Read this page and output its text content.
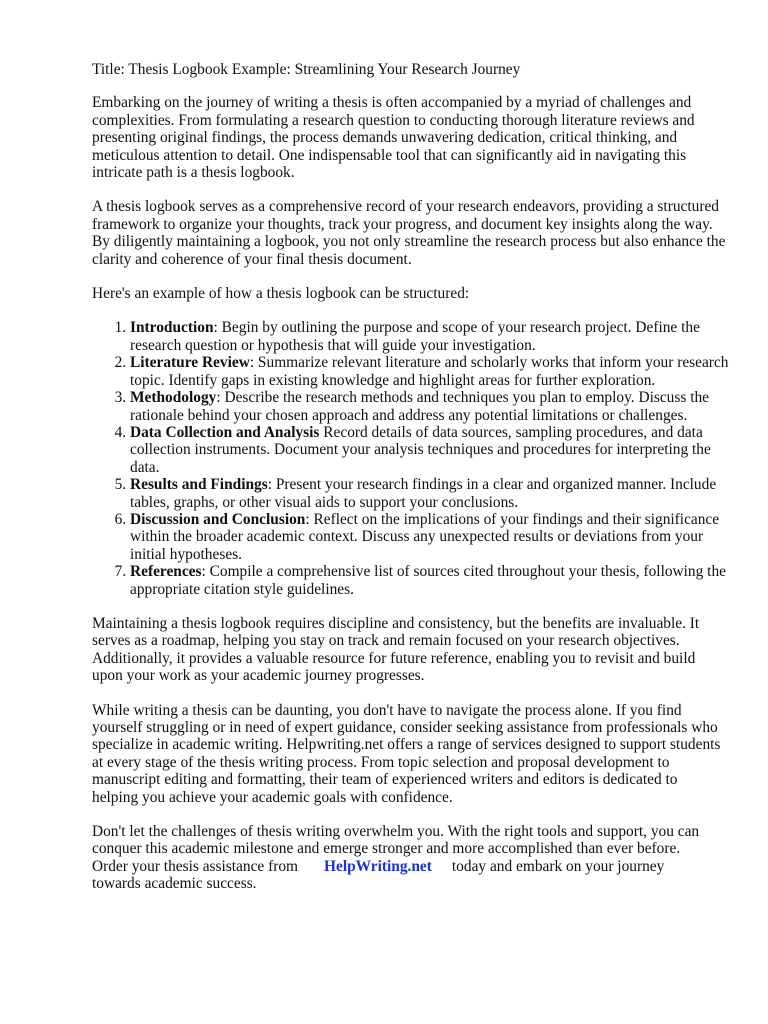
Title: Thesis Logbook Example: Streamlining Your Research Journey

Embarking on the journey of writing a thesis is often accompanied by a myriad of challenges and complexities. From formulating a research question to conducting thorough literature reviews and presenting original findings, the process demands unwavering dedication, critical thinking, and meticulous attention to detail. One indispensable tool that can significantly aid in navigating this intricate path is a thesis logbook.

A thesis logbook serves as a comprehensive record of your research endeavors, providing a structured framework to organize your thoughts, track your progress, and document key insights along the way. By diligently maintaining a logbook, you not only streamline the research process but also enhance the clarity and coherence of your final thesis document.

Here's an example of how a thesis logbook can be structured:

1. Introduction: Begin by outlining the purpose and scope of your research project. Define the research question or hypothesis that will guide your investigation.
2. Literature Review: Summarize relevant literature and scholarly works that inform your research topic. Identify gaps in existing knowledge and highlight areas for further exploration.
3. Methodology: Describe the research methods and techniques you plan to employ. Discuss the rationale behind your chosen approach and address any potential limitations or challenges.
4. Data Collection and Analysis Record details of data sources, sampling procedures, and data collection instruments. Document your analysis techniques and procedures for interpreting the data.
5. Results and Findings: Present your research findings in a clear and organized manner. Include tables, graphs, or other visual aids to support your conclusions.
6. Discussion and Conclusion: Reflect on the implications of your findings and their significance within the broader academic context. Discuss any unexpected results or deviations from your initial hypotheses.
7. References: Compile a comprehensive list of sources cited throughout your thesis, following the appropriate citation style guidelines.

Maintaining a thesis logbook requires discipline and consistency, but the benefits are invaluable. It serves as a roadmap, helping you stay on track and remain focused on your research objectives. Additionally, it provides a valuable resource for future reference, enabling you to revisit and build upon your work as your academic journey progresses.

While writing a thesis can be daunting, you don't have to navigate the process alone. If you find yourself struggling or in need of expert guidance, consider seeking assistance from professionals who specialize in academic writing. Helpwriting.net offers a range of services designed to support students at every stage of the thesis writing process. From topic selection and proposal development to manuscript editing and formatting, their team of experienced writers and editors is dedicated to helping you achieve your academic goals with confidence.

Don't let the challenges of thesis writing overwhelm you. With the right tools and support, you can conquer this academic milestone and emerge stronger and more accomplished than ever before. Order your thesis assistance from HelpWriting.net today and embark on your journey towards academic success.
